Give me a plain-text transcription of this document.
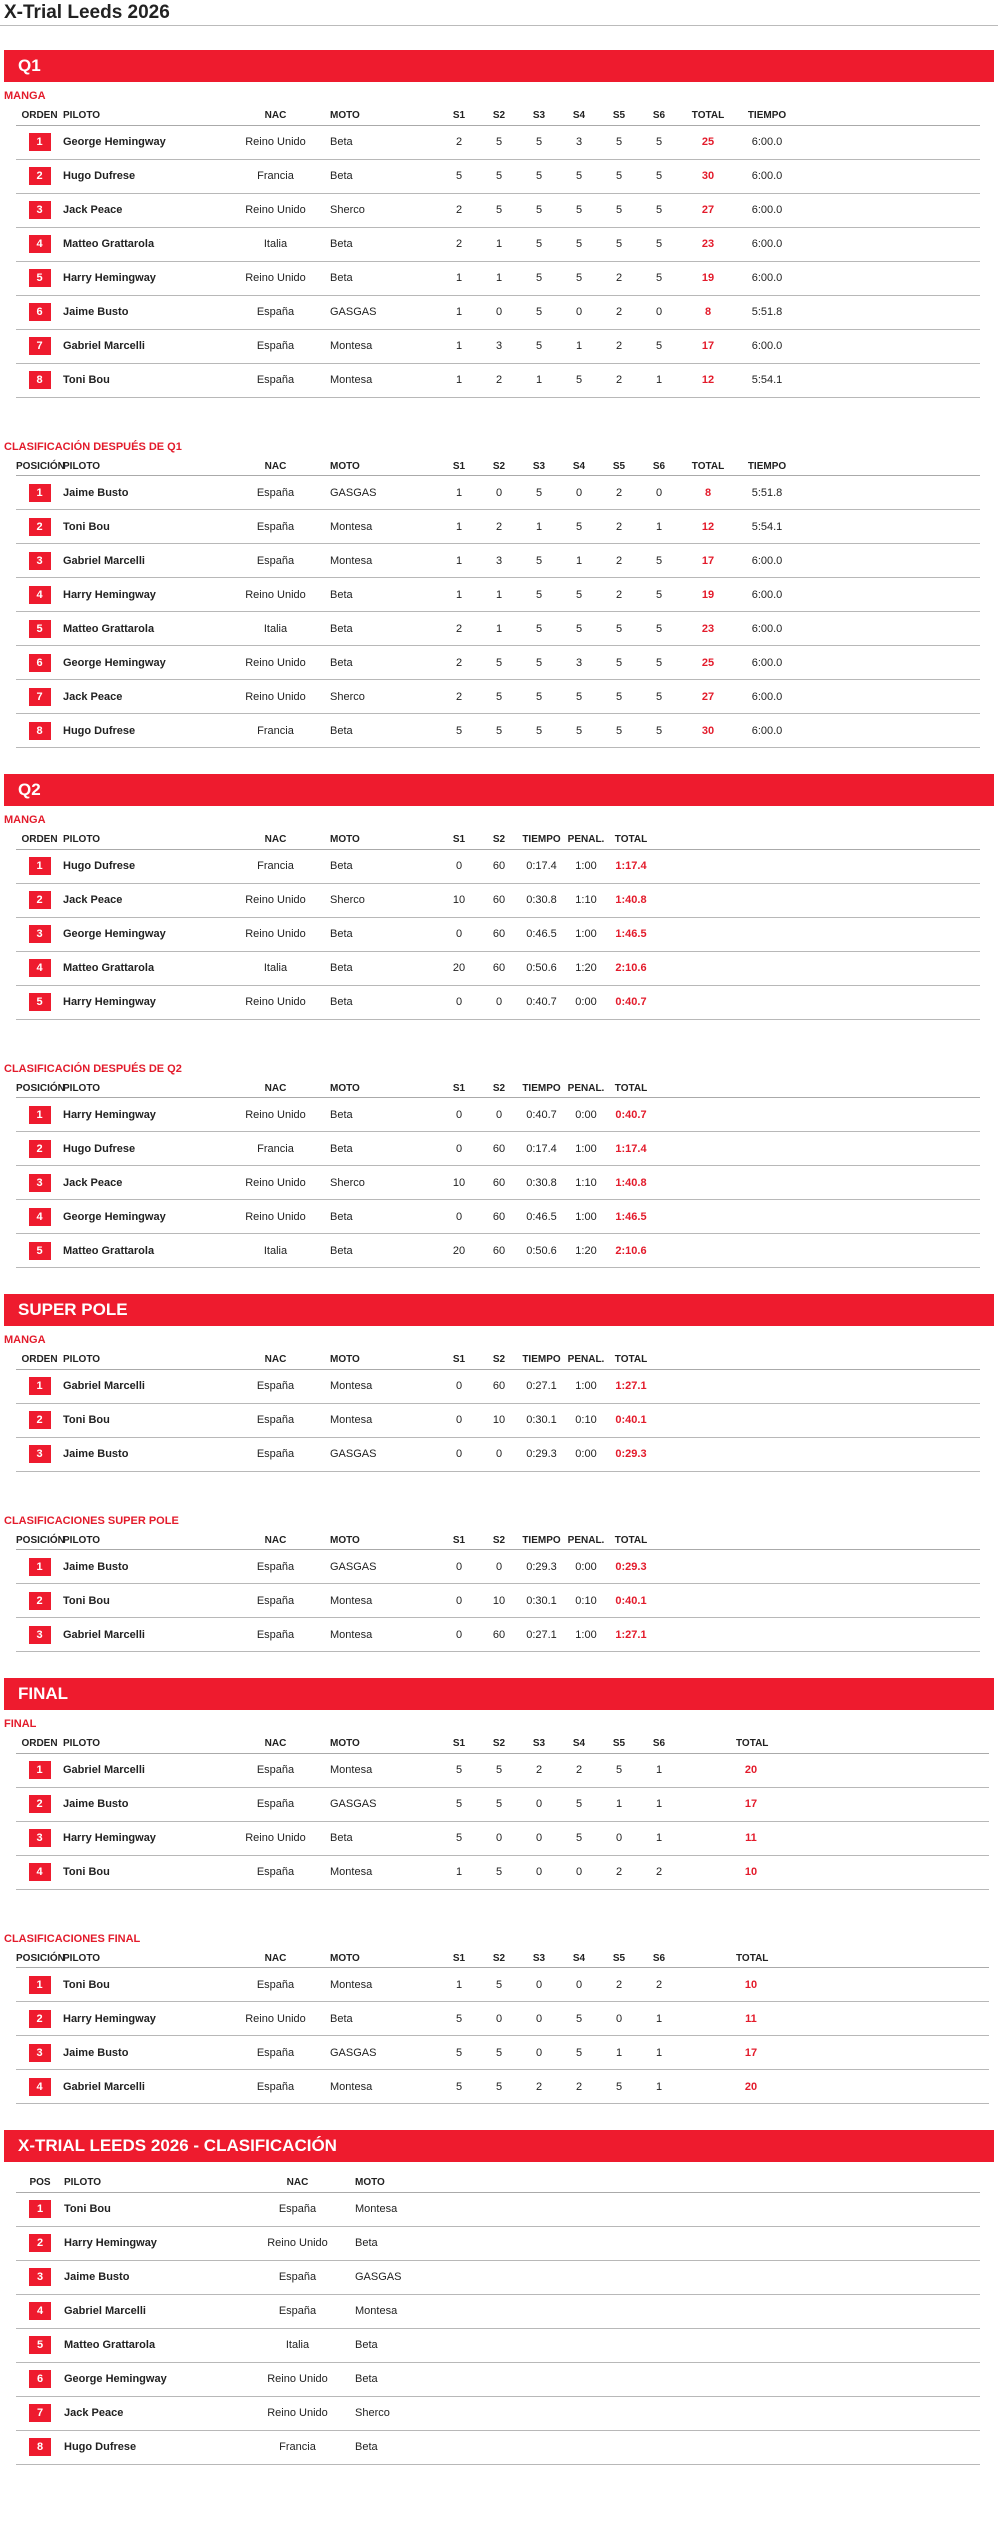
X-Trial Leeds 2026
Q1
MANGA
ORDEN	PILOTO	NAC	MOTO	S1	S2	S3	S4	S5	S6	TOTAL	TIEMPO	
1	George Hemingway	Reino Unido	Beta	2	5	5	3	5	5	25	6:00.0	
2	Hugo Dufrese	Francia	Beta	5	5	5	5	5	5	30	6:00.0	
3	Jack Peace	Reino Unido	Sherco	2	5	5	5	5	5	27	6:00.0	
4	Matteo Grattarola	Italia	Beta	2	1	5	5	5	5	23	6:00.0	
5	Harry Hemingway	Reino Unido	Beta	1	1	5	5	2	5	19	6:00.0	
6	Jaime Busto	España	GASGAS	1	0	5	0	2	0	8	5:51.8	
7	Gabriel Marcelli	España	Montesa	1	3	5	1	2	5	17	6:00.0	
8	Toni Bou	España	Montesa	1	2	1	5	2	1	12	5:54.1	
CLASIFICACIÓN DESPUÉS DE Q1
POSICIÓN	PILOTO	NAC	MOTO	S1	S2	S3	S4	S5	S6	TOTAL	TIEMPO	
1	Jaime Busto	España	GASGAS	1	0	5	0	2	0	8	5:51.8	
2	Toni Bou	España	Montesa	1	2	1	5	2	1	12	5:54.1	
3	Gabriel Marcelli	España	Montesa	1	3	5	1	2	5	17	6:00.0	
4	Harry Hemingway	Reino Unido	Beta	1	1	5	5	2	5	19	6:00.0	
5	Matteo Grattarola	Italia	Beta	2	1	5	5	5	5	23	6:00.0	
6	George Hemingway	Reino Unido	Beta	2	5	5	3	5	5	25	6:00.0	
7	Jack Peace	Reino Unido	Sherco	2	5	5	5	5	5	27	6:00.0	
8	Hugo Dufrese	Francia	Beta	5	5	5	5	5	5	30	6:00.0	
Q2
MANGA
ORDEN	PILOTO	NAC	MOTO	S1	S2	TIEMPO	PENAL.	TOTAL	
1	Hugo Dufrese	Francia	Beta	0	60	0:17.4	1:00	1:17.4	
2	Jack Peace	Reino Unido	Sherco	10	60	0:30.8	1:10	1:40.8	
3	George Hemingway	Reino Unido	Beta	0	60	0:46.5	1:00	1:46.5	
4	Matteo Grattarola	Italia	Beta	20	60	0:50.6	1:20	2:10.6	
5	Harry Hemingway	Reino Unido	Beta	0	0	0:40.7	0:00	0:40.7	
CLASIFICACIÓN DESPUÉS DE Q2
POSICIÓN	PILOTO	NAC	MOTO	S1	S2	TIEMPO	PENAL.	TOTAL	
1	Harry Hemingway	Reino Unido	Beta	0	0	0:40.7	0:00	0:40.7	
2	Hugo Dufrese	Francia	Beta	0	60	0:17.4	1:00	1:17.4	
3	Jack Peace	Reino Unido	Sherco	10	60	0:30.8	1:10	1:40.8	
4	George Hemingway	Reino Unido	Beta	0	60	0:46.5	1:00	1:46.5	
5	Matteo Grattarola	Italia	Beta	20	60	0:50.6	1:20	2:10.6	
SUPER POLE
MANGA
ORDEN	PILOTO	NAC	MOTO	S1	S2	TIEMPO	PENAL.	TOTAL	
1	Gabriel Marcelli	España	Montesa	0	60	0:27.1	1:00	1:27.1	
2	Toni Bou	España	Montesa	0	10	0:30.1	0:10	0:40.1	
3	Jaime Busto	España	GASGAS	0	0	0:29.3	0:00	0:29.3	
CLASIFICACIONES SUPER POLE
POSICIÓN	PILOTO	NAC	MOTO	S1	S2	TIEMPO	PENAL.	TOTAL	
1	Jaime Busto	España	GASGAS	0	0	0:29.3	0:00	0:29.3	
2	Toni Bou	España	Montesa	0	10	0:30.1	0:10	0:40.1	
3	Gabriel Marcelli	España	Montesa	0	60	0:27.1	1:00	1:27.1	
FINAL
FINAL
ORDEN	PILOTO	NAC	MOTO	S1	S2	S3	S4	S5	S6		TOTAL	
1	Gabriel Marcelli	España	Montesa	5	5	2	2	5	1		20	
2	Jaime Busto	España	GASGAS	5	5	0	5	1	1		17	
3	Harry Hemingway	Reino Unido	Beta	5	0	0	5	0	1		11	
4	Toni Bou	España	Montesa	1	5	0	0	2	2		10	
CLASIFICACIONES FINAL
POSICIÓN	PILOTO	NAC	MOTO	S1	S2	S3	S4	S5	S6		TOTAL	
1	Toni Bou	España	Montesa	1	5	0	0	2	2		10	
2	Harry Hemingway	Reino Unido	Beta	5	0	0	5	0	1		11	
3	Jaime Busto	España	GASGAS	5	5	0	5	1	1		17	
4	Gabriel Marcelli	España	Montesa	5	5	2	2	5	1		20	
X-TRIAL LEEDS 2026 - CLASIFICACIÓN
POS	PILOTO	NAC	MOTO	
1	Toni Bou	España	Montesa	
2	Harry Hemingway	Reino Unido	Beta	
3	Jaime Busto	España	GASGAS	
4	Gabriel Marcelli	España	Montesa	
5	Matteo Grattarola	Italia	Beta	
6	George Hemingway	Reino Unido	Beta	
7	Jack Peace	Reino Unido	Sherco	
8	Hugo Dufrese	Francia	Beta	
